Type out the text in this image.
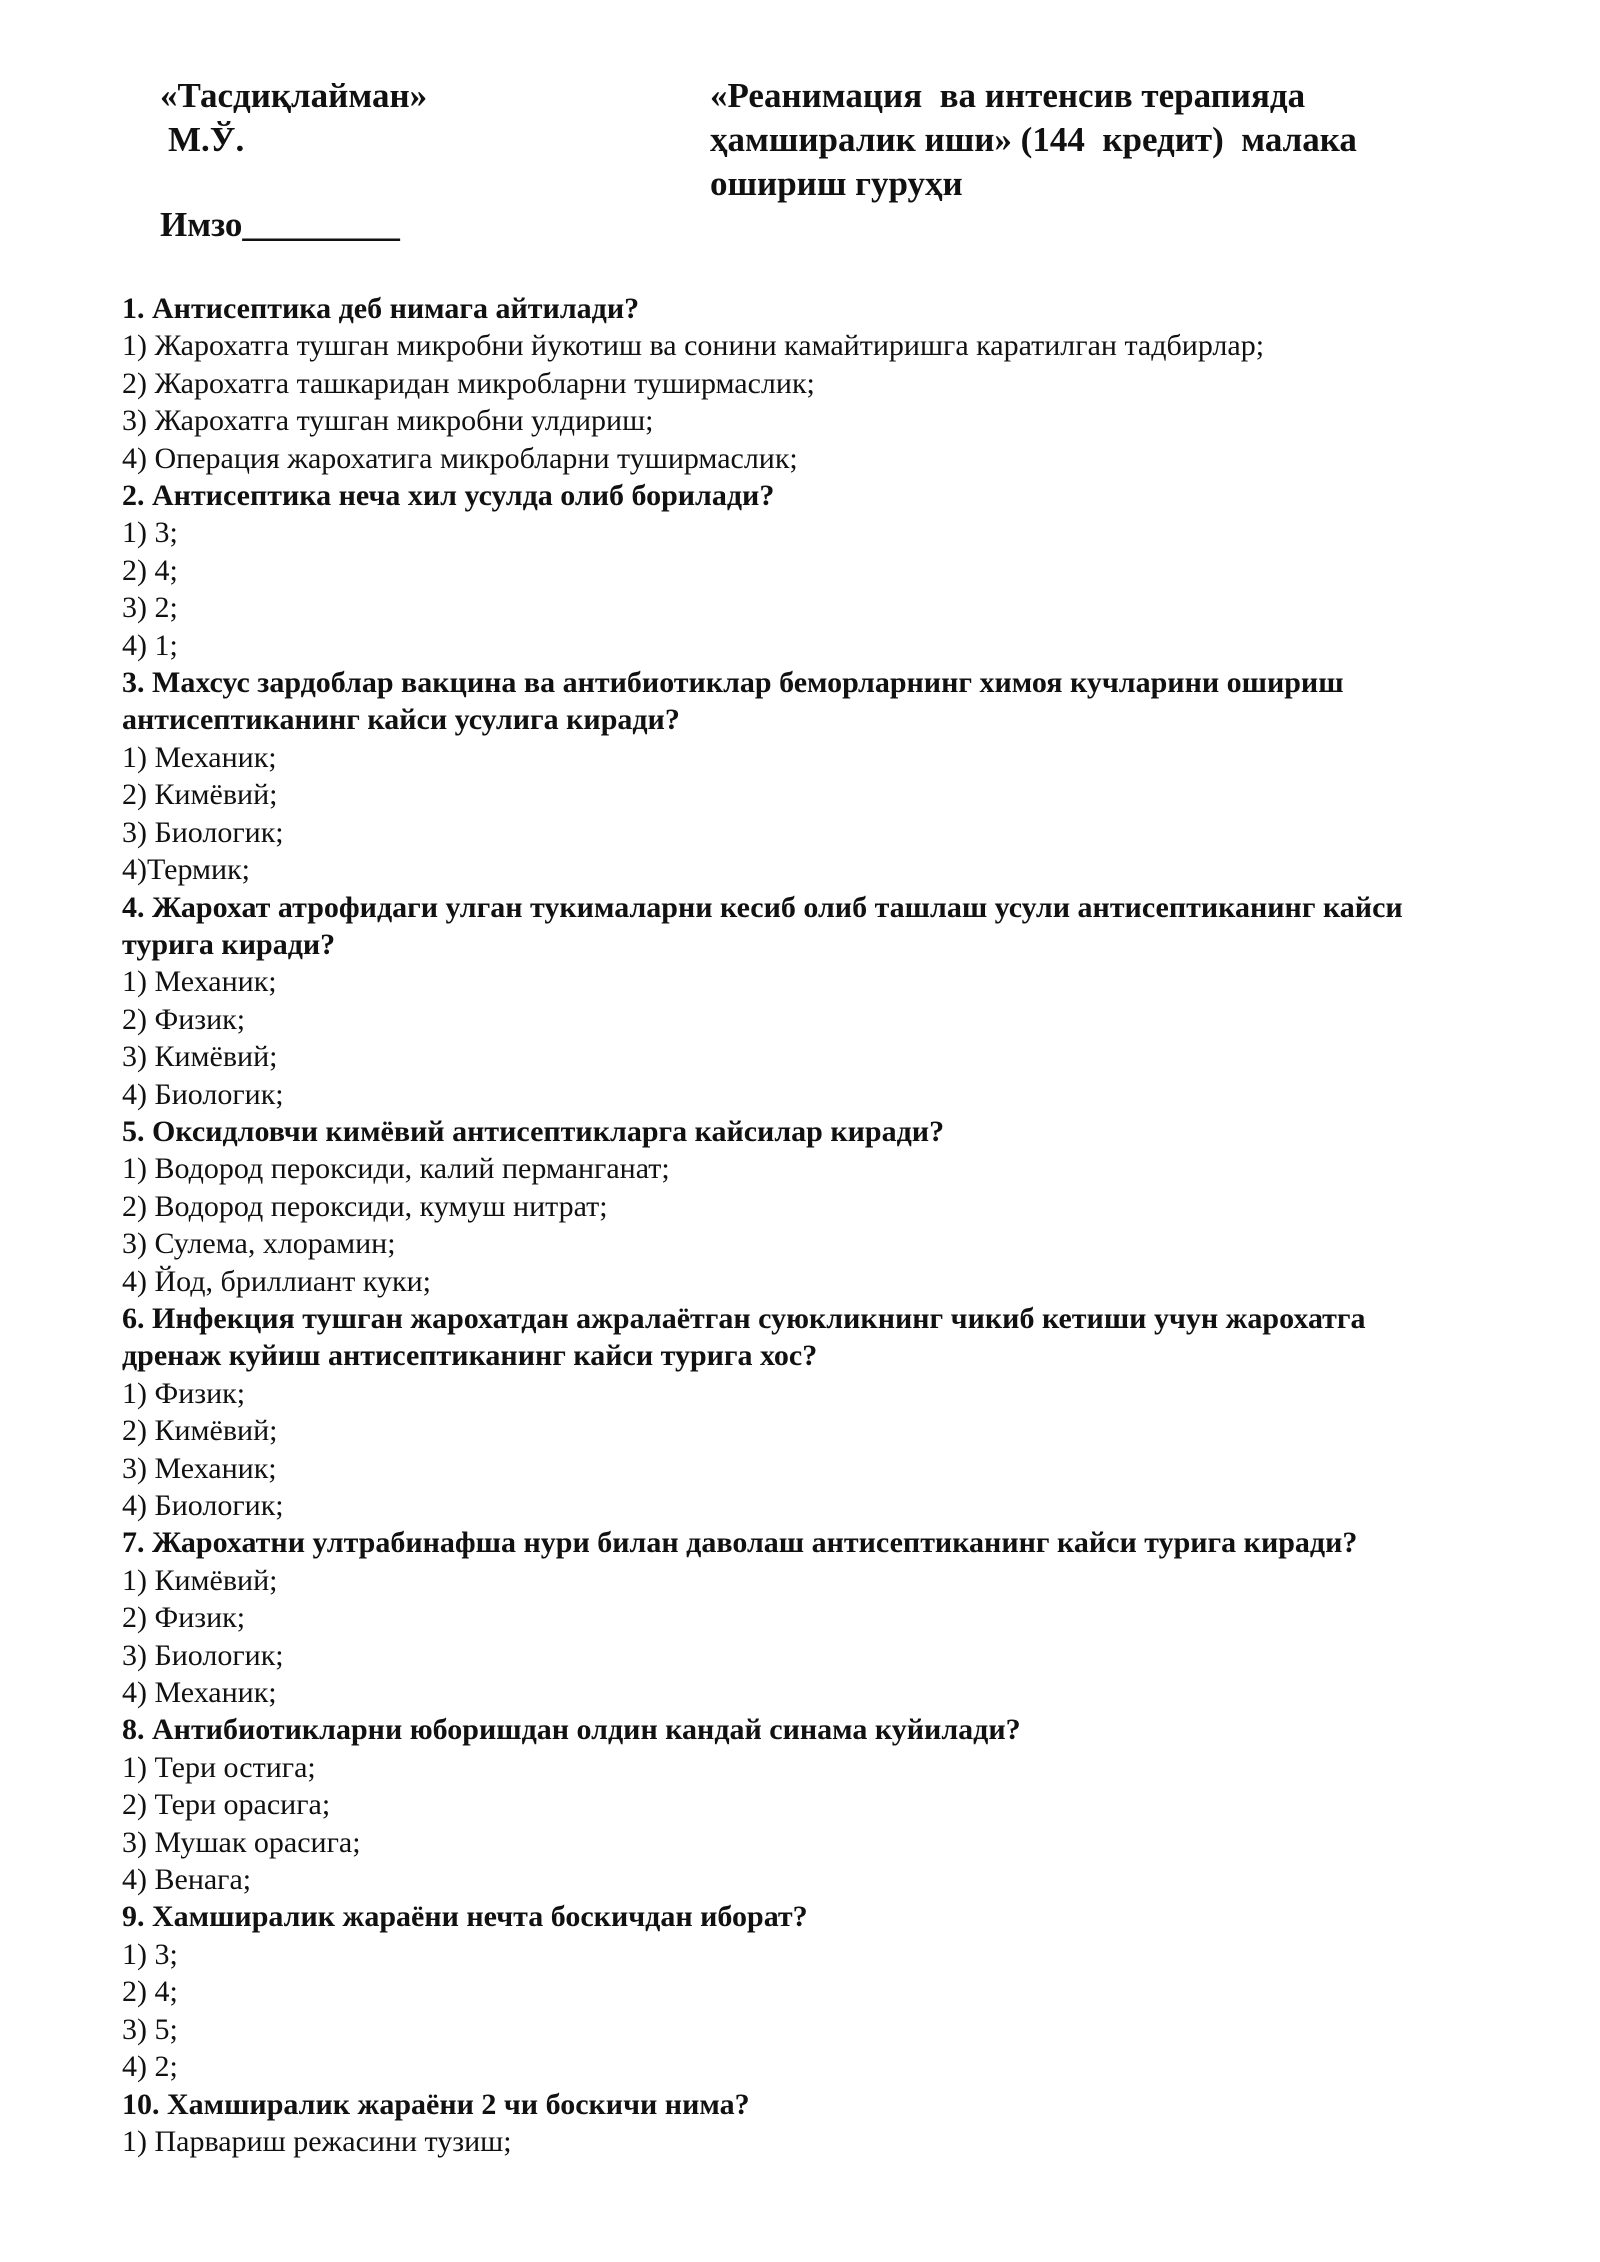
«Тасдиқлайман»
М.Ў.
Имзо_________
«Реанимация  ва интенсив терапияда
ҳамширалик иши» (144  кредит)  малака
ошириш гуруҳи
1. Антисептика деб нимага айтилади?
1) Жарохатга тушган микробни йукотиш ва сонини камайтиришга каратилган тадбирлар;
2) Жарохатга ташкаридан микробларни туширмаслик;
3) Жарохатга тушган микробни улдириш;
4) Операция жарохатига микробларни туширмаслик;
2. Антисептика неча хил усулда олиб борилади?
1) 3;
2) 4;
3) 2;
4) 1;
3. Махсус зардоблар вакцина ва антибиотиклар беморларнинг химоя кучларини ошириш
антисептиканинг кайси усулига киради?
1) Механик;
2) Кимёвий;
3) Биологик;
4)Термик;
4. Жарохат атрофидаги улган тукималарни кесиб олиб ташлаш усули антисептиканинг кайси
турига киради?
1) Механик;
2) Физик;
3) Кимёвий;
4) Биологик;
5. Оксидловчи кимёвий антисептикларга кайсилар киради?
1) Водород пероксиди, калий перманганат;
2) Водород пероксиди, кумуш нитрат;
3) Сулема, хлорамин;
4) Йод, бриллиант куки;
6. Инфекция тушган жарохатдан ажралаётган суюкликнинг чикиб кетиши учун жарохатга
дренаж куйиш антисептиканинг кайси турига хос?
1) Физик;
2) Кимёвий;
3) Механик;
4) Биологик;
7. Жарохатни ултрабинафша нури билан даволаш антисептиканинг кайси турига киради?
1) Кимёвий;
2) Физик;
3) Биологик;
4) Механик;
8. Антибиотикларни юборишдан олдин кандай синама куйилади?
1) Тери остига;
2) Тери орасига;
3) Мушак орасига;
4) Венага;
9. Хамширалик жараёни нечта боскичдан иборат?
1) 3;
2) 4;
3) 5;
4) 2;
10. Хамширалик жараёни 2 чи боскичи нима?
1) Парвариш режасини тузиш;
